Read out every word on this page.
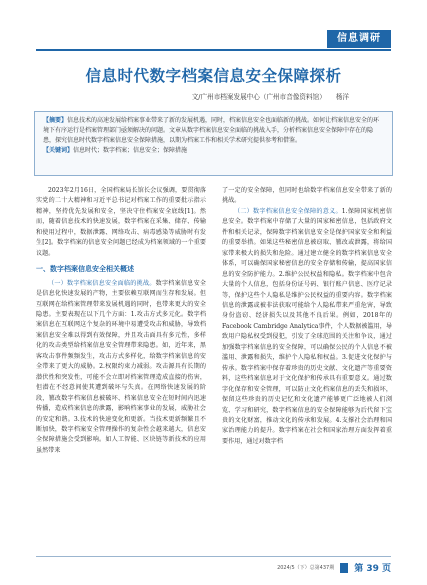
信息调研
信息时代数字档案信息安全保障探析
文/广州市档案发展中心（广州市音像资料馆） 杨洋
【摘要】信息技术的高速发展给档案事业带来了新的发展机遇，同时，档案信息安全也面临新的挑战。如何让档案信息安全的环境下有序运行是档案管理部门亟须解决的问题。文章从数字档案信息安全面临的挑战入手，分析档案信息安全保障中存在的隐患，探究信息时代数字档案信息安全保障措施，以期为档案工作和相关学术研究提供参考和借鉴。
【关键词】信息时代；数字档案；信息安全；保障措施

2023年2月16日，全国档案局长馆长会议强调，要贯彻落实党的二十大精神和习近平总书记对档案工作的重要批示指示精神，坚持优先发展和安全，坚决守住档案安全底线[1]。然而，随着信息技术的快速发展，数字档案在采集、储存、传输和使用过程中，数据泄露、网络攻击、病毒感染等威胁时有发生[2]。数字档案的信息安全问题已经成为档案领域的一个重要议题。

一、数字档案信息安全相关概述

（一）数字档案信息安全面临的挑战。数字档案信息安全是信息化快速发展的产物，主要依赖互联网而生存和发展。但互联网在给档案管理带来发展机遇的同时，也带来更大的安全隐患。主要表现在以下几个方面：1.攻击方式多元化。数字档案信息在互联网这个复杂的环境中易遭受攻击和威胁，导致档案信息安全难以得到有效保障，并且攻击面具有多元性，多样化的攻击类型给档案信息安全管理带来隐患。如，近年来，黑客攻击事件频频发生，攻击方式多样化，给数字档案信息的安全带来了更大的威胁。2.权限约束力减弱。攻击源具有长期的潜伏性和突发性，可能不会立即对档案管理造成直接的伤害，但潜在不经意间使其遭到破坏与失真。在网络快速发展的阶段，篡改数字档案信息被破坏、档案信息安全在短时间内迅速传播，造成档案信息的泄露，影响档案事业的发展，威胁社会的安定和谐。3.技术的快速变化和更新。当技术更新频繁且不断加快，数字档案安全管理操作的复杂性会越来越大，信息安全保障措施会受到影响。如人工智能、区块链等新技术的应用虽然带来

了一定的安全保障，但同时也给数字档案信息安全带来了新的挑战。

（二）数字档案信息安全保障的意义。1.保障国家机密信息安全。数字档案中存储了大量的国家秘密信息，包括政府文件和相关记录，保障数字档案信息安全是保护国家安全和利益的重要举措。如果这些秘密信息被窃取、篡改或泄露，将给国家带来极大的损失和危险。通过建立健全的数字档案信息安全体系，可以确保国家秘密信息的安全存储和传输，提高国家信息的安全防护能力。2.维护公民权益和隐私。数字档案中包含大量的个人信息，包括身份证号码、银行账户信息、医疗记录等，保护这些个人隐私是维护公民权益的重要内容。数字档案信息的泄露或被非法获取可能给个人隐私带来严重危害，导致身份盗窃、经济损失以及其他不良后果。例如，2018年的Facebook Cambridge Analytica事件，个人数据被滥用，导致用户隐私权受到侵犯，引发了全球范围的关注和争议，通过加强数字档案信息的安全保障，可以确保公民的个人信息不被滥用、泄露和损失，维护个人隐私和权益。3.促进文化保护与传承。数字档案中保存着珍贵的历史文献、文化遗产等重要资料，这些档案信息对于文化保护和传承具有重要意义。通过数字化保存和安全管理，可以防止文化档案信息的丢失和损坏，保留这些珍贵的历史记忆和文化遗产能够更广泛地被人们浏览、学习和研究，数字档案信息的安全保障能够为后代留下宝贵的文化财富，推动文化的传承和发展。4.支撑社会治理和国家治理能力的提升。数字档案在社会和国家治理方面发挥着重要作用，通过对数字档

2024/5（下）总第437期 第 39 页
